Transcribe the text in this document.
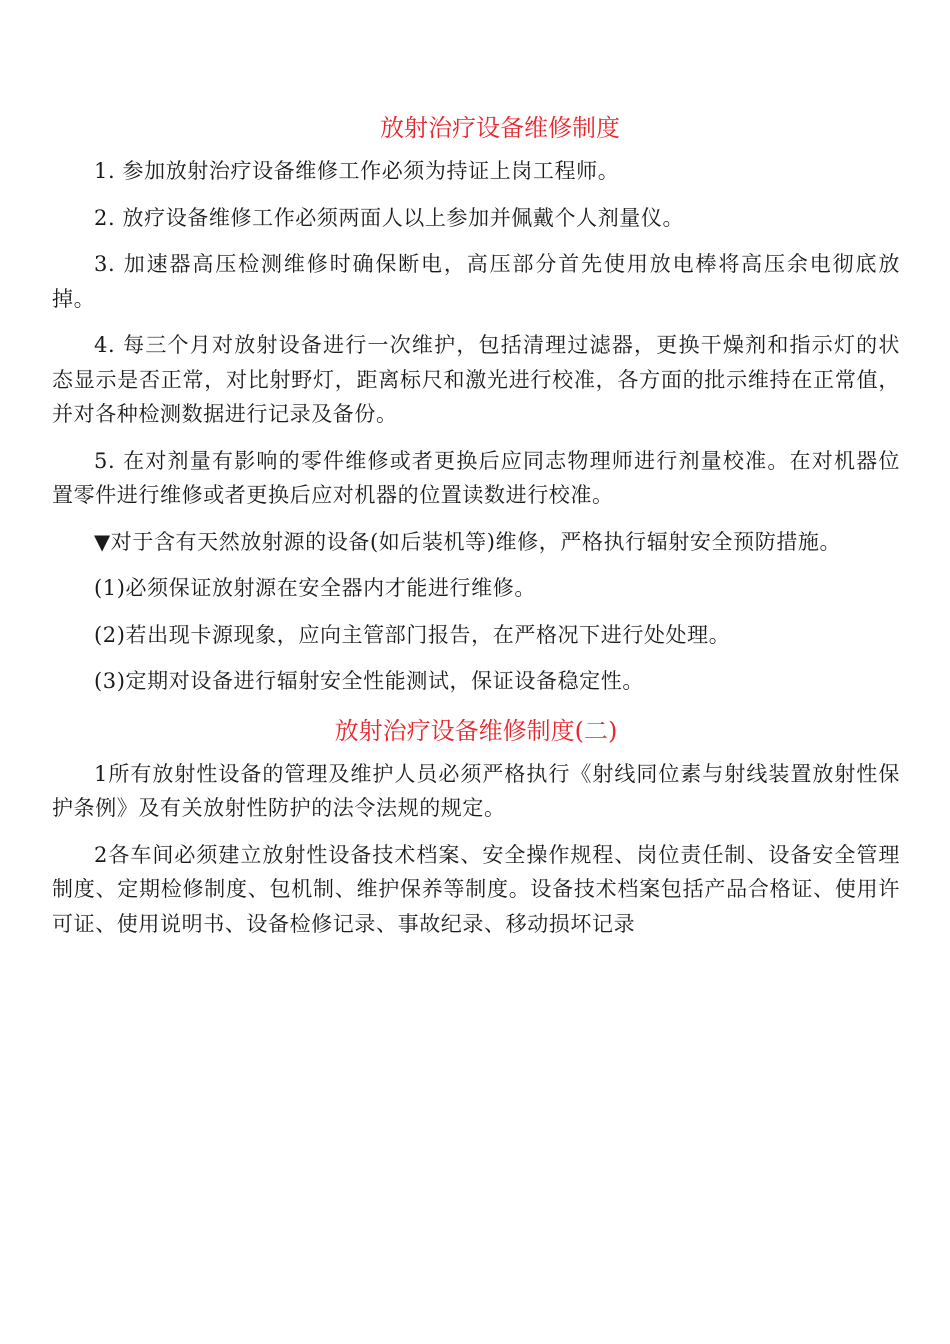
放射治疗设备维修制度

1. 参加放射治疗设备维修工作必须为持证上岗工程师。

2. 放疗设备维修工作必须两面人以上参加并佩戴个人剂量仪。

3. 加速器高压检测维修时确保断电，高压部分首先使用放电棒将高压余电彻底放掉。

4. 每三个月对放射设备进行一次维护，包括清理过滤器，更换干燥剂和指示灯的状态显示是否正常，对比射野灯，距离标尺和激光进行校准，各方面的批示维持在正常值，并对各种检测数据进行记录及备份。

5. 在对剂量有影响的零件维修或者更换后应同志物理师进行剂量校准。在对机器位置零件进行维修或者更换后应对机器的位置读数进行校准。

▼对于含有天然放射源的设备(如后装机等)维修，严格执行辐射安全预防措施。

(1)必须保证放射源在安全器内才能进行维修。

(2)若出现卡源现象，应向主管部门报告，在严格况下进行处处理。

(3)定期对设备进行辐射安全性能测试，保证设备稳定性。

放射治疗设备维修制度(二)

1所有放射性设备的管理及维护人员必须严格执行《射线同位素与射线装置放射性保护条例》及有关放射性防护的法令法规的规定。

2各车间必须建立放射性设备技术档案、安全操作规程、岗位责任制、设备安全管理制度、定期检修制度、包机制、维护保养等制度。设备技术档案包括产品合格证、使用许可证、使用说明书、设备检修记录、事故纪录、移动损坏记录
